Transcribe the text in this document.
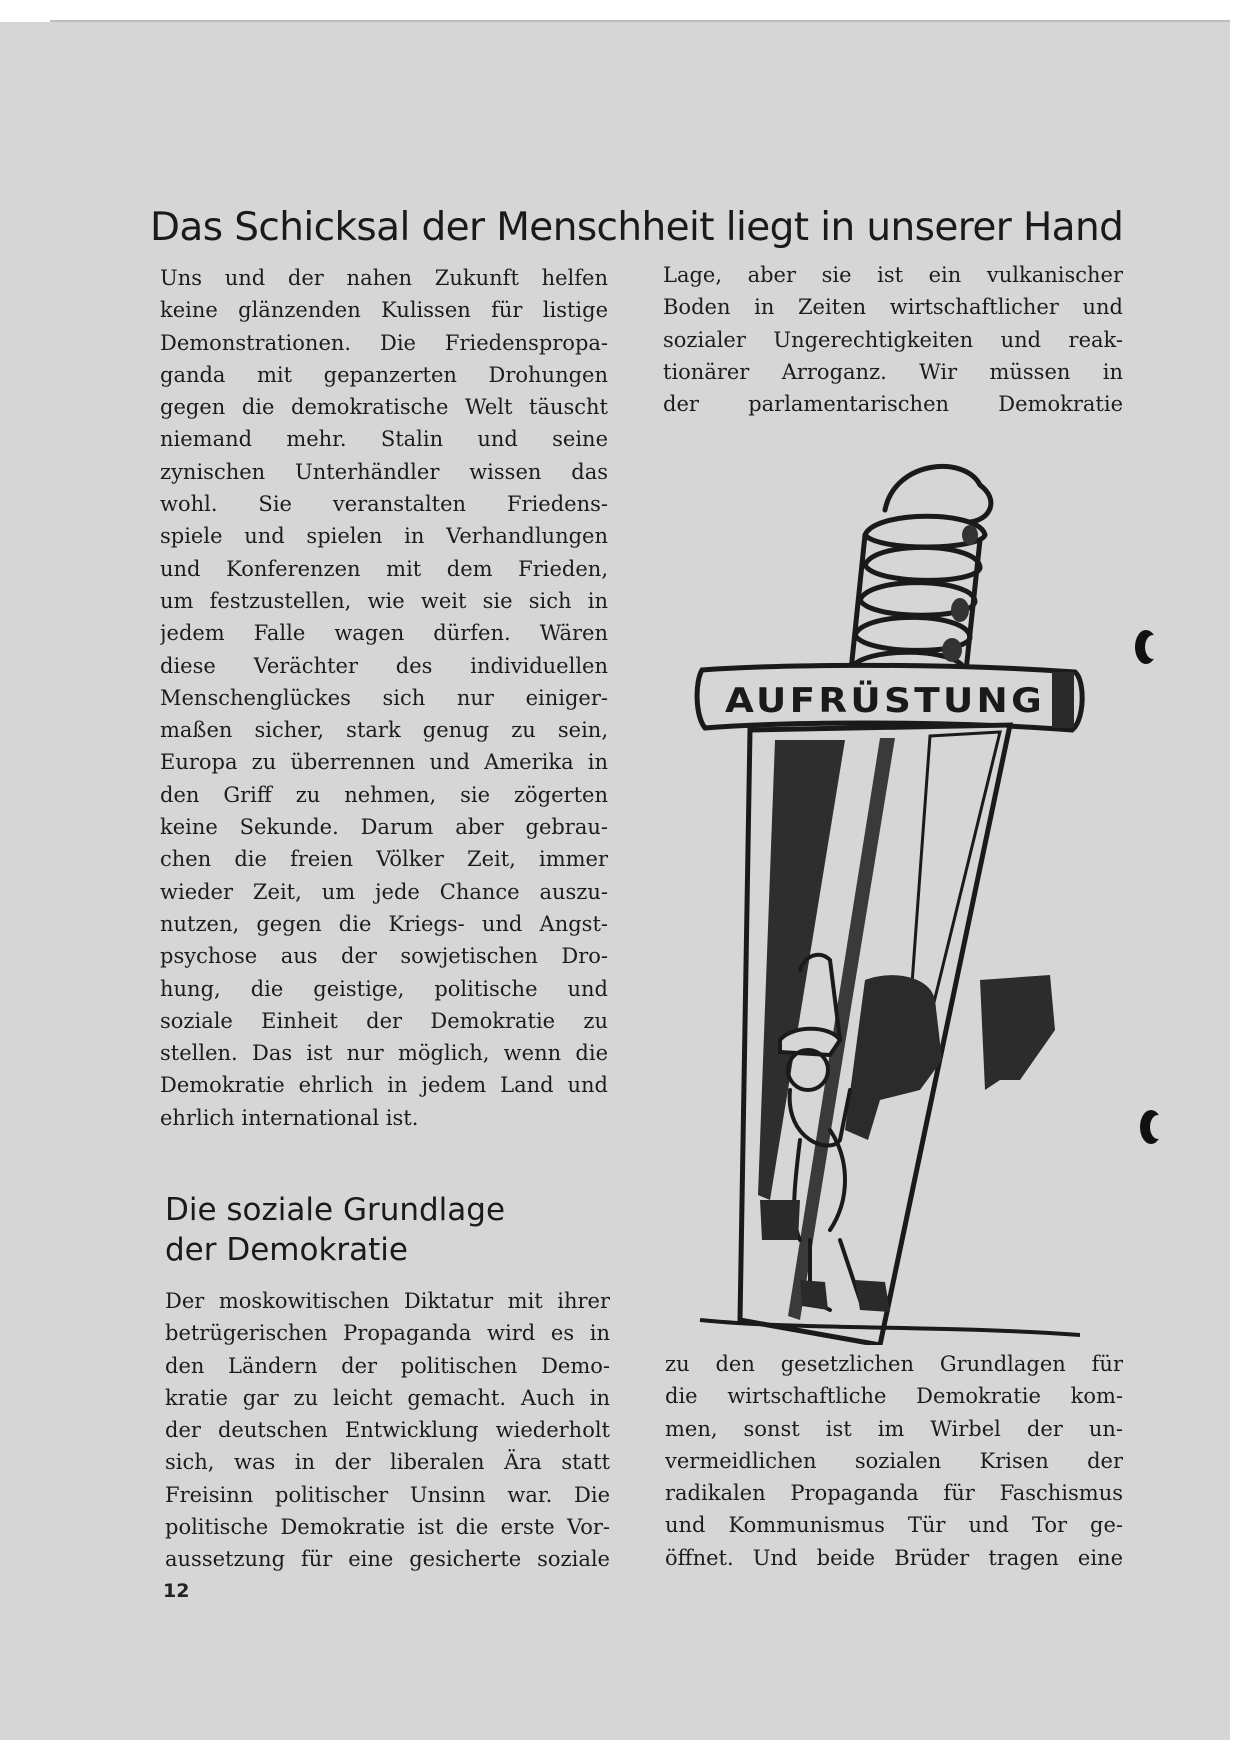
Das Schicksal der Menschheit liegt in unserer Hand
Uns und der nahen Zukunft helfen
keine glänzenden Kulissen für listige
Demonstrationen. Die Friedenspropa-
ganda mit gepanzerten Drohungen
gegen die demokratische Welt täuscht
niemand mehr. Stalin und seine
zynischen Unterhändler wissen das
wohl. Sie veranstalten Friedens-
spiele und spielen in Verhandlungen
und Konferenzen mit dem Frieden,
um festzustellen, wie weit sie sich in
jedem Falle wagen dürfen. Wären
diese Verächter des individuellen
Menschenglückes sich nur einiger-
maßen sicher, stark genug zu sein,
Europa zu überrennen und Amerika in
den Griff zu nehmen, sie zögerten
keine Sekunde. Darum aber gebrau-
chen die freien Völker Zeit, immer
wieder Zeit, um jede Chance auszu-
nutzen, gegen die Kriegs- und Angst-
psychose aus der sowjetischen Dro-
hung, die geistige, politische und
soziale Einheit der Demokratie zu
stellen. Das ist nur möglich, wenn die
Demokratie ehrlich in jedem Land und
ehrlich international ist.
Die soziale Grundlage
der Demokratie
Der moskowitischen Diktatur mit ihrer
betrügerischen Propaganda wird es in
den Ländern der politischen Demo-
kratie gar zu leicht gemacht. Auch in
der deutschen Entwicklung wiederholt
sich, was in der liberalen Ära statt
Freisinn politischer Unsinn war. Die
politische Demokratie ist die erste Vor-
aussetzung für eine gesicherte soziale
Lage, aber sie ist ein vulkanischer
Boden in Zeiten wirtschaftlicher und
sozialer Ungerechtigkeiten und reak-
tionärer Arroganz. Wir müssen in
der parlamentarischen Demokratie
AUFRÜSTUNG
zu den gesetzlichen Grundlagen für
die wirtschaftliche Demokratie kom-
men, sonst ist im Wirbel der un-
vermeidlichen sozialen Krisen der
radikalen Propaganda für Faschismus
und Kommunismus Tür und Tor ge-
öffnet. Und beide Brüder tragen eine
12
